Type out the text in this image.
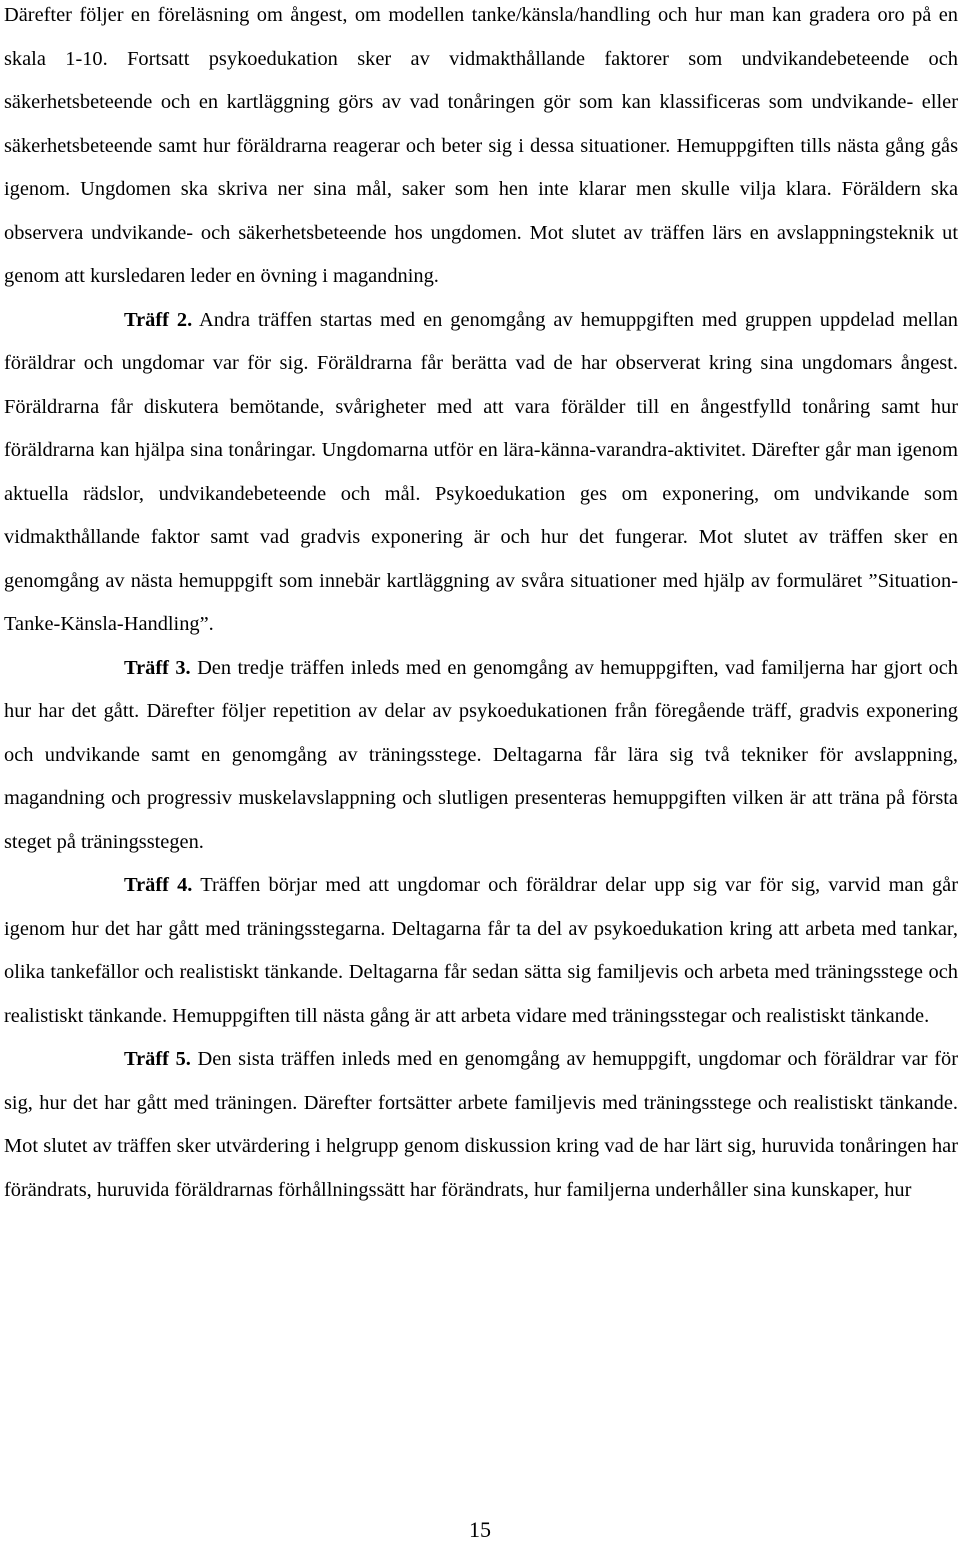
Därefter följer en föreläsning om ångest, om modellen tanke/känsla/handling och hur man kan gradera oro på en skala 1-10. Fortsatt psykoedukation sker av vidmakthållande faktorer som undvikandebeteende och säkerhetsbeteende och en kartläggning görs av vad tonåringen gör som kan klassificeras som undvikande- eller säkerhetsbeteende samt hur föräldrarna reagerar och beter sig i dessa situationer. Hemuppgiften tills nästa gång gås igenom. Ungdomen ska skriva ner sina mål, saker som hen inte klarar men skulle vilja klara. Föräldern ska observera undvikande- och säkerhetsbeteende hos ungdomen. Mot slutet av träffen lärs en avslappningsteknik ut genom att kursledaren leder en övning i magandning.

Träff 2. Andra träffen startas med en genomgång av hemuppgiften med gruppen uppdelad mellan föräldrar och ungdomar var för sig. Föräldrarna får berätta vad de har observerat kring sina ungdomars ångest. Föräldrarna får diskutera bemötande, svårigheter med att vara förälder till en ångestfylld tonåring samt hur föräldrarna kan hjälpa sina tonåringar. Ungdomarna utför en lära-känna-varandra-aktivitet. Därefter går man igenom aktuella rädslor, undvikandebeteende och mål. Psykoedukation ges om exponering, om undvikande som vidmakthållande faktor samt vad gradvis exponering är och hur det fungerar. Mot slutet av träffen sker en genomgång av nästa hemuppgift som innebär kartläggning av svåra situationer med hjälp av formuläret ”Situation-Tanke-Känsla-Handling”.

Träff 3. Den tredje träffen inleds med en genomgång av hemuppgiften, vad familjerna har gjort och hur har det gått. Därefter följer repetition av delar av psykoedukationen från föregående träff, gradvis exponering och undvikande samt en genomgång av träningsstege. Deltagarna får lära sig två tekniker för avslappning, magandning och progressiv muskelavslappning och slutligen presenteras hemuppgiften vilken är att träna på första steget på träningsstegen.

Träff 4. Träffen börjar med att ungdomar och föräldrar delar upp sig var för sig, varvid man går igenom hur det har gått med träningsstegarna. Deltagarna får ta del av psykoedukation kring att arbeta med tankar, olika tankefällor och realistiskt tänkande. Deltagarna får sedan sätta sig familjevis och arbeta med träningsstege och realistiskt tänkande. Hemuppgiften till nästa gång är att arbeta vidare med träningsstegar och realistiskt tänkande.

Träff 5. Den sista träffen inleds med en genomgång av hemuppgift, ungdomar och föräldrar var för sig, hur det har gått med träningen. Därefter fortsätter arbete familjevis med träningsstege och realistiskt tänkande. Mot slutet av träffen sker utvärdering i helgrupp genom diskussion kring vad de har lärt sig, huruvida tonåringen har förändrats, huruvida föräldrarnas förhållningssätt har förändrats, hur familjerna underhåller sina kunskaper, hur

15
